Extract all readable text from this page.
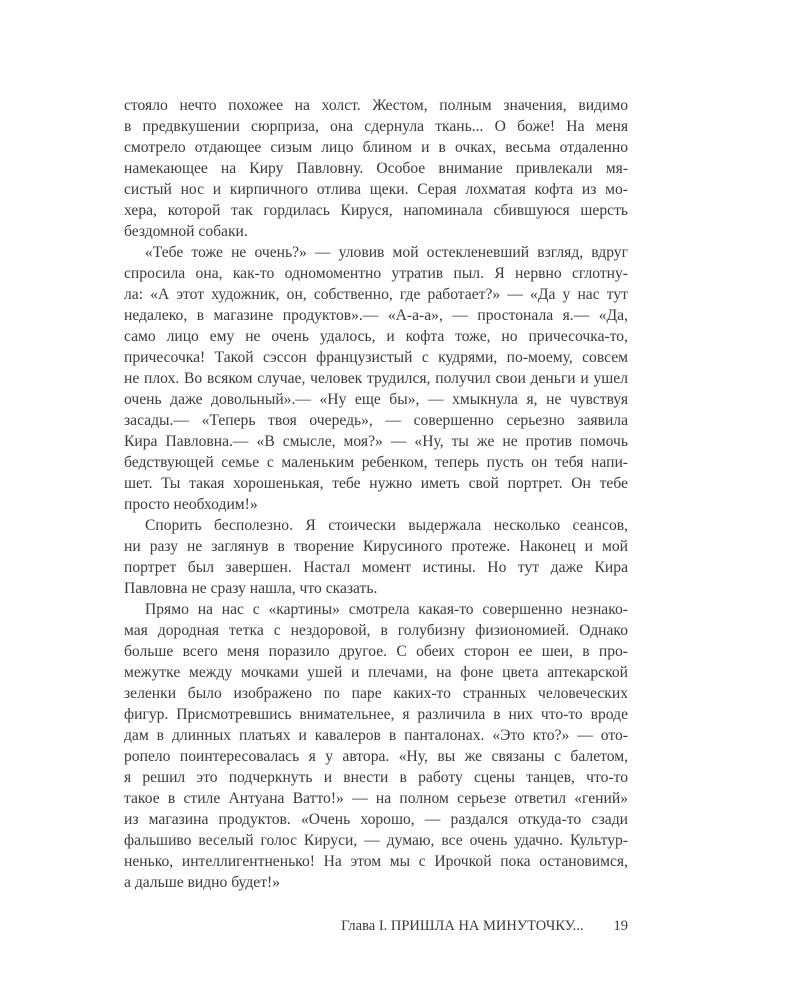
стояло нечто похожее на холст. Жестом, полным значения, видимо
в предвкушении сюрприза, она сдернула ткань... О боже! На меня
смотрело отдающее сизым лицо блином и в очках, весьма отдаленно
намекающее на Киру Павловну. Особое внимание привлекали мя-
систый нос и кирпичного отлива щеки. Серая лохматая кофта из мо-
хера, которой так гордилась Кируся, напоминала сбившуюся шерсть
бездомной собаки.
«Тебе тоже не очень?» — уловив мой остекленевший взгляд, вдруг
спросила она, как-то одномоментно утратив пыл. Я нервно сглотну-
ла: «А этот художник, он, собственно, где работает?» — «Да у нас тут
недалеко, в магазине продуктов».— «А-а-а», — простонала я.— «Да,
само лицо ему не очень удалось, и кофта тоже, но причесочка-то,
причесочка! Такой сэссон французистый с кудрями, по-моему, совсем
не плох. Во всяком случае, человек трудился, получил свои деньги и ушел
очень даже довольный».— «Ну еще бы», — хмыкнула я, не чувствуя
засады.— «Теперь твоя очередь», — совершенно серьезно заявила
Кира Павловна.— «В смысле, моя?» — «Ну, ты же не против помочь
бедствующей семье с маленьким ребенком, теперь пусть он тебя напи-
шет. Ты такая хорошенькая, тебе нужно иметь свой портрет. Он тебе
просто необходим!»
Спорить бесполезно. Я стоически выдержала несколько сеансов,
ни разу не заглянув в творение Кирусиного протеже. Наконец и мой
портрет был завершен. Настал момент истины. Но тут даже Кира
Павловна не сразу нашла, что сказать.
Прямо на нас с «картины» смотрела какая-то совершенно незнако-
мая дородная тетка с нездоровой, в голубизну физиономией. Однако
больше всего меня поразило другое. С обеих сторон ее шеи, в про-
межутке между мочками ушей и плечами, на фоне цвета аптекарской
зеленки было изображено по паре каких-то странных человеческих
фигур. Присмотревшись внимательнее, я различила в них что-то вроде
дам в длинных платьях и кавалеров в панталонах. «Это кто?» — ото-
ропело поинтересовалась я у автора. «Ну, вы же связаны с балетом,
я решил это подчеркнуть и внести в работу сцены танцев, что-то
такое в стиле Антуана Ватто!» — на полном серьезе ответил «гений»
из магазина продуктов. «Очень хорошо, — раздался откуда-то сзади
фальшиво веселый голос Кируси, — думаю, все очень удачно. Культур-
ненько, интеллигентненько! На этом мы с Ирочкой пока остановимся,
а дальше видно будет!»
Глава I. ПРИШЛА НА МИНУТОЧКУ... 19
